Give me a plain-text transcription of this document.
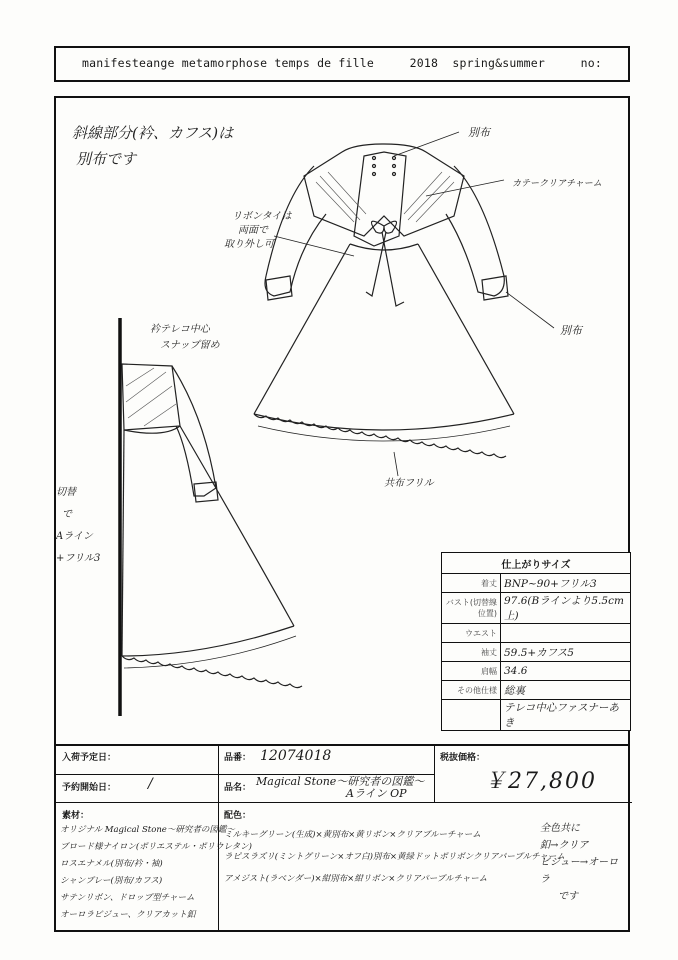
manifesteange metamorphose temps de fille     2018  spring&summer     no:
斜線部分(衿、カフス)は
別布です
別布
カテークリアチャーム
リボンタイは
両面で
取り外し可
別布
衿テレコ中心
スナップ留め
共布フリル
切替
で
Aライン
+フリル3
仕上がりサイズ	
着丈	BNP~90+フリル3
バスト(切替線位置)	97.6(Bラインより5.5cm上)
ウエスト	
袖丈	59.5+カフス5
肩幅	34.6
その他仕様	総裏
	テレコ中心ファスナーあき
入荷予定日：
予約開始日： /
品番： 12074018
品名： Magical Stone～研究者の図鑑～
Aライン OP
税抜価格：
￥27,800
素材：
オリジナル Magical Stone～研究者の図鑑～
ブロード様ナイロン(ポリエステル・ポリウレタン)
ロスエナメル(別布/衿・袖)
シャンブレー(別布/カフス)
サテンリボン、ドロップ型チャーム
オーロラビジュー、クリアカット釦
配色：
ミルキーグリーン(生成)×黄別布×黄リボン×クリアブルーチャーム
ラピスラズリ(ミントグリーン×オフ白)別布×黄緑ドットポリボンクリアパープルチャーム
アメジスト(ラベンダー)×紺別布×紺リボン×クリアパープルチャーム
全色共に
釦→クリア
ビジュー→オーロラ
です
